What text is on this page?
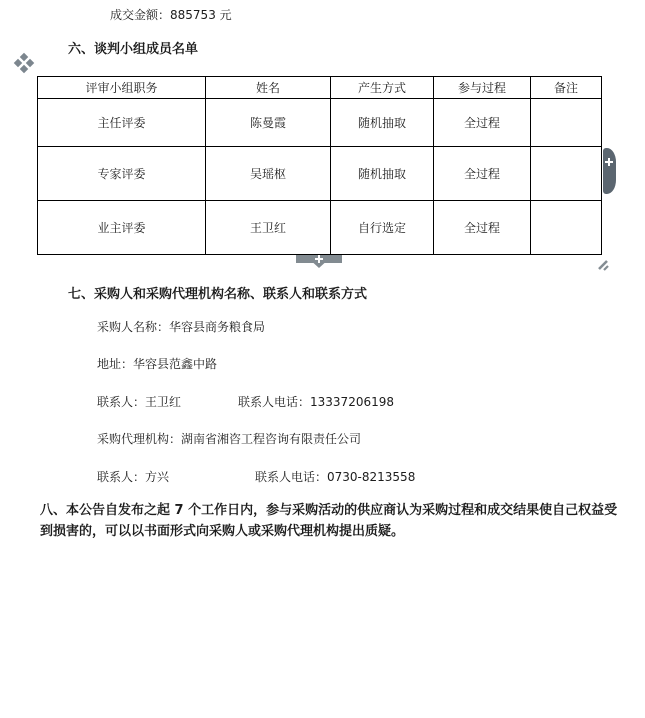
成交金额：885753 元
六、谈判小组成员名单
评审小组职务	姓名	产生方式	参与过程	备注
主任评委	陈曼霞	随机抽取	全过程	
专家评委	吴瑶枢	随机抽取	全过程	
业主评委	王卫红	自行选定	全过程	
七、采购人和采购代理机构名称、联系人和联系方式
采购人名称：华容县商务粮食局
地址：华容县范鑫中路
联系人：王卫红	联系人电话：13337206198
采购代理机构：湖南省湘咨工程咨询有限责任公司
联系人：方兴	联系人电话：0730-8213558
八、本公告自发布之起 7 个工作日内，参与采购活动的供应商认为采购过程和成交结果使自己权益受到损害的，可以以书面形式向采购人或采购代理机构提出质疑。
